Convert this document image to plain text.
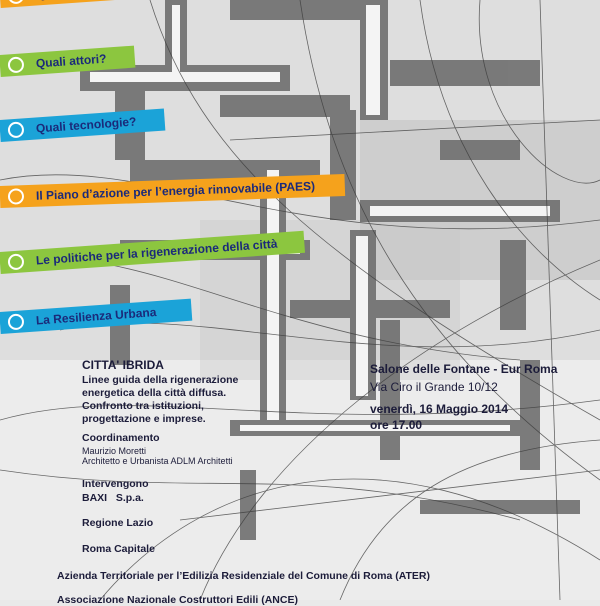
Quali attori?
Quali tecnologie?
Il Piano d’azione per l’energia rinnovabile (PAES)
Le politiche per la rigenerazione della città
La Resilienza Urbana
CITTA' IBRIDA
Linee guida della rigenerazione
energetica della città diffusa.
Confronto tra istituzioni,
progettazione e imprese.
Coordinamento
Maurizio Moretti
Architetto e Urbanista ADLM Architetti
Intervengono
BAXI   S.p.a.
Regione Lazio
Roma Capitale
Azienda Territoriale per l’Edilizia Residenziale del Comune di Roma (ATER)
Associazione Nazionale Costruttori Edili (ANCE)
Salone delle Fontane - Eur Roma
Via Ciro il Grande 10/12
venerdì, 16 Maggio 2014
ore 17.00
